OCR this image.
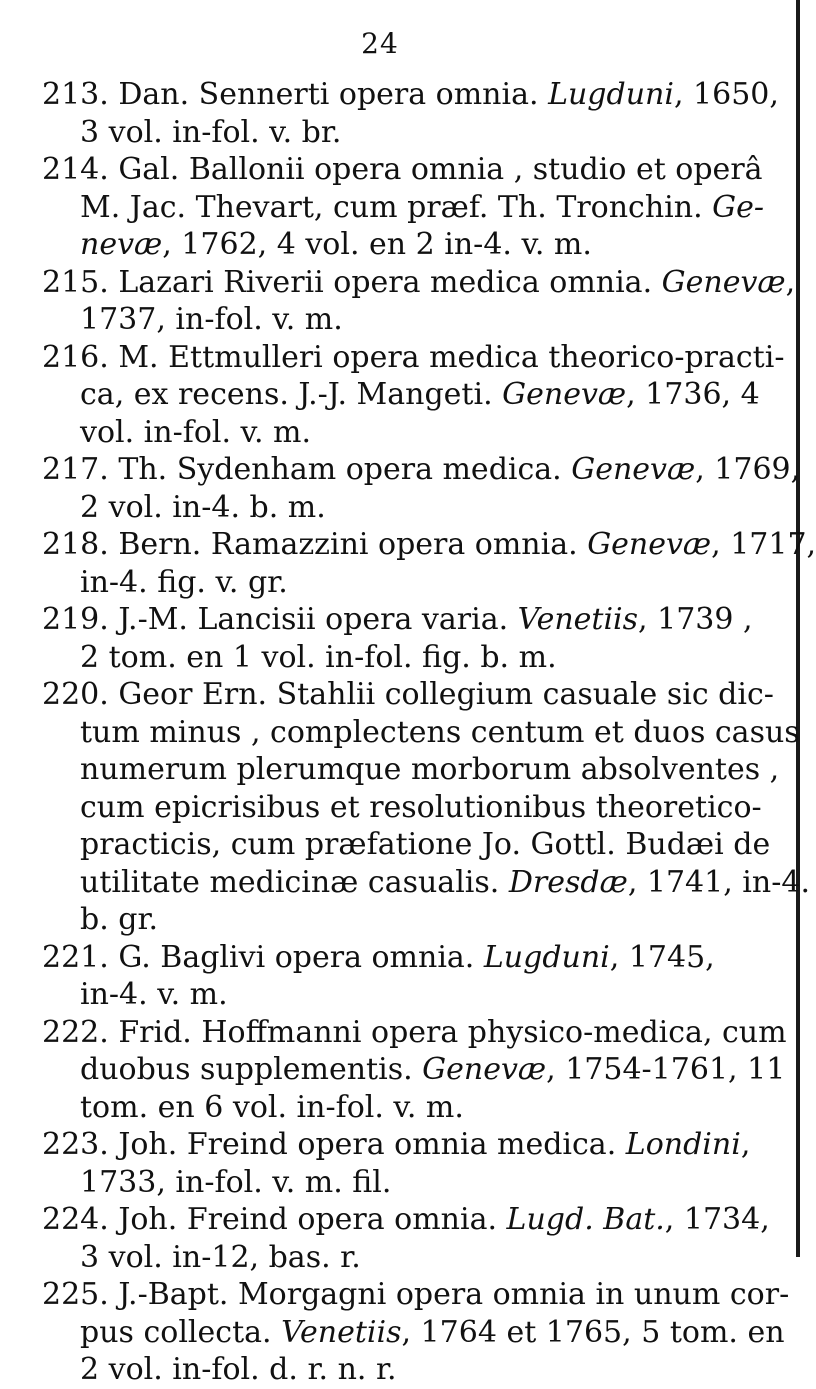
24
213. Dan. Sennerti opera omnia. Lugduni, 1650,
3 vol. in-fol. v. br.
214. Gal. Ballonii opera omnia , studio et operâ
M. Jac. Thevart, cum præf. Th. Tronchin. Ge-
nevæ, 1762, 4 vol. en 2 in-4. v. m.
215. Lazari Riverii opera medica omnia. Genevæ,
1737, in-fol. v. m.
216. M. Ettmulleri opera medica theorico-practi-
ca, ex recens. J.-J. Mangeti. Genevæ, 1736, 4
vol. in-fol. v. m.
217. Th. Sydenham opera medica. Genevæ, 1769,
2 vol. in-4. b. m.
218. Bern. Ramazzini opera omnia. Genevæ, 1717,
in-4. fig. v. gr.
219. J.-M. Lancisii opera varia. Venetiis, 1739 ,
2 tom. en 1 vol. in-fol. fig. b. m.
220. Geor Ern. Stahlii collegium casuale sic dic-
tum minus , complectens centum et duos casus
numerum plerumque morborum absolventes ,
cum epicrisibus et resolutionibus theoretico-
practicis, cum præfatione Jo. Gottl. Budæi de
utilitate medicinæ casualis. Dresdæ, 1741, in-4.
b. gr.
221. G. Baglivi opera omnia. Lugduni, 1745,
in-4. v. m.
222. Frid. Hoffmanni opera physico-medica, cum
duobus supplementis. Genevæ, 1754-1761, 11
tom. en 6 vol. in-fol. v. m.
223. Joh. Freind opera omnia medica. Londini,
1733, in-fol. v. m. fil.
224. Joh. Freind opera omnia. Lugd. Bat., 1734,
3 vol. in-12, bas. r.
225. J.-Bapt. Morgagni opera omnia in unum cor-
pus collecta. Venetiis, 1764 et 1765, 5 tom. en
2 vol. in-fol. d. r. n. r.
